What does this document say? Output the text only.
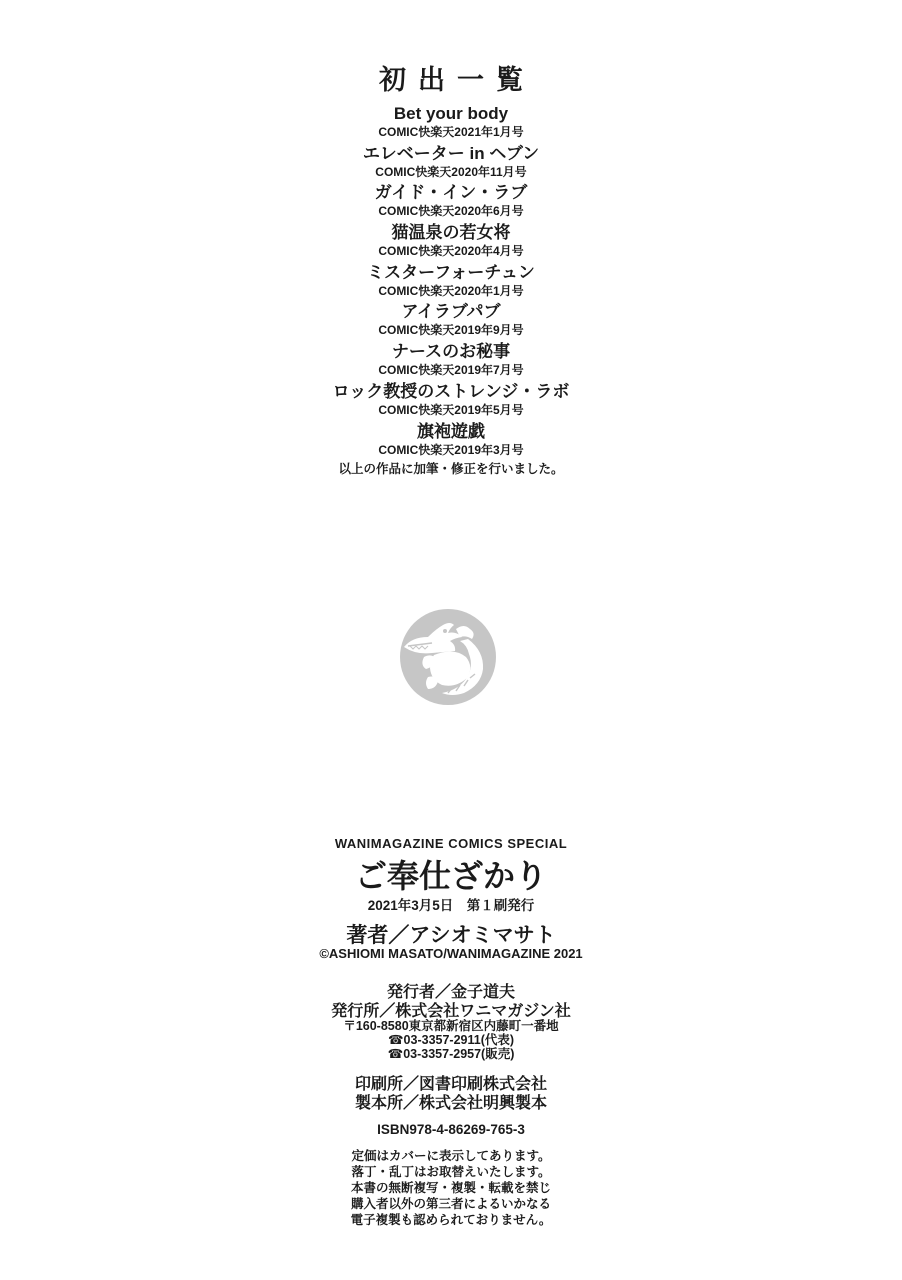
初出一覧
Bet your body
COMIC快楽天2021年1月号
エレベーター in ヘブン
COMIC快楽天2020年11月号
ガイド・イン・ラブ
COMIC快楽天2020年6月号
猫温泉の若女将
COMIC快楽天2020年4月号
ミスターフォーチュン
COMIC快楽天2020年1月号
アイラブパブ
COMIC快楽天2019年9月号
ナースのお秘事
COMIC快楽天2019年7月号
ロック教授のストレンジ・ラボ
COMIC快楽天2019年5月号
旗袍遊戯
COMIC快楽天2019年3月号
以上の作品に加筆・修正を行いました。
WANIMAGAZINE COMICS SPECIAL
ご奉仕ざかり
2021年3月5日　第１刷発行
著者／アシオミマサト
©ASHIOMI MASATO/WANIMAGAZINE 2021
発行者／金子道夫
発行所／株式会社ワニマガジン社
〒160-8580東京都新宿区内藤町一番地
☎03-3357-2911(代表)
☎03-3357-2957(販売)
印刷所／図書印刷株式会社
製本所／株式会社明興製本
ISBN978-4-86269-765-3
定価はカバーに表示してあります。
落丁・乱丁はお取替えいたします。
本書の無断複写・複製・転載を禁じ
購入者以外の第三者によるいかなる
電子複製も認められておりません。
